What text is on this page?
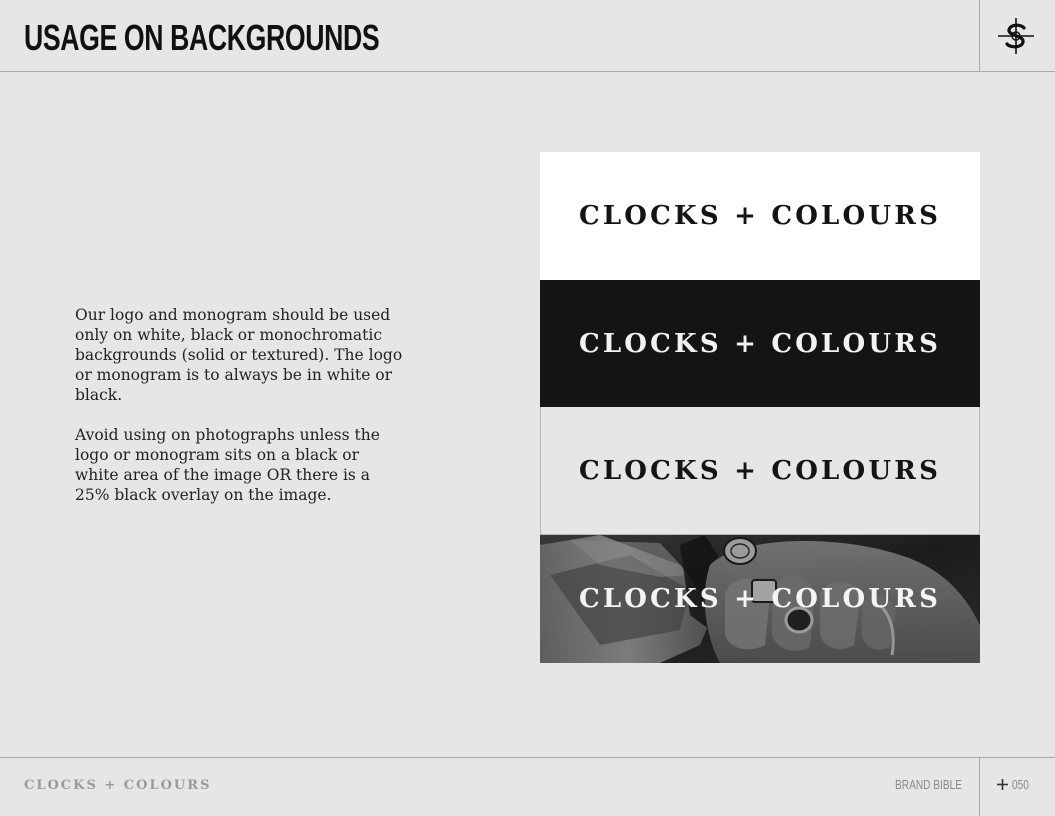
USAGE ON BACKGROUNDS

Our logo and monogram should be used only on white, black or monochromatic backgrounds (solid or textured). The logo or monogram is to always be in white or black.

Avoid using on photographs unless the logo or monogram sits on a black or white area of the image OR there is a 25% black overlay on the image.

CLOCKS + COLOURS
CLOCKS + COLOURS
CLOCKS + COLOURS
CLOCKS + COLOURS
CLOCKS + COLOURS	BRAND BIBLE	050
